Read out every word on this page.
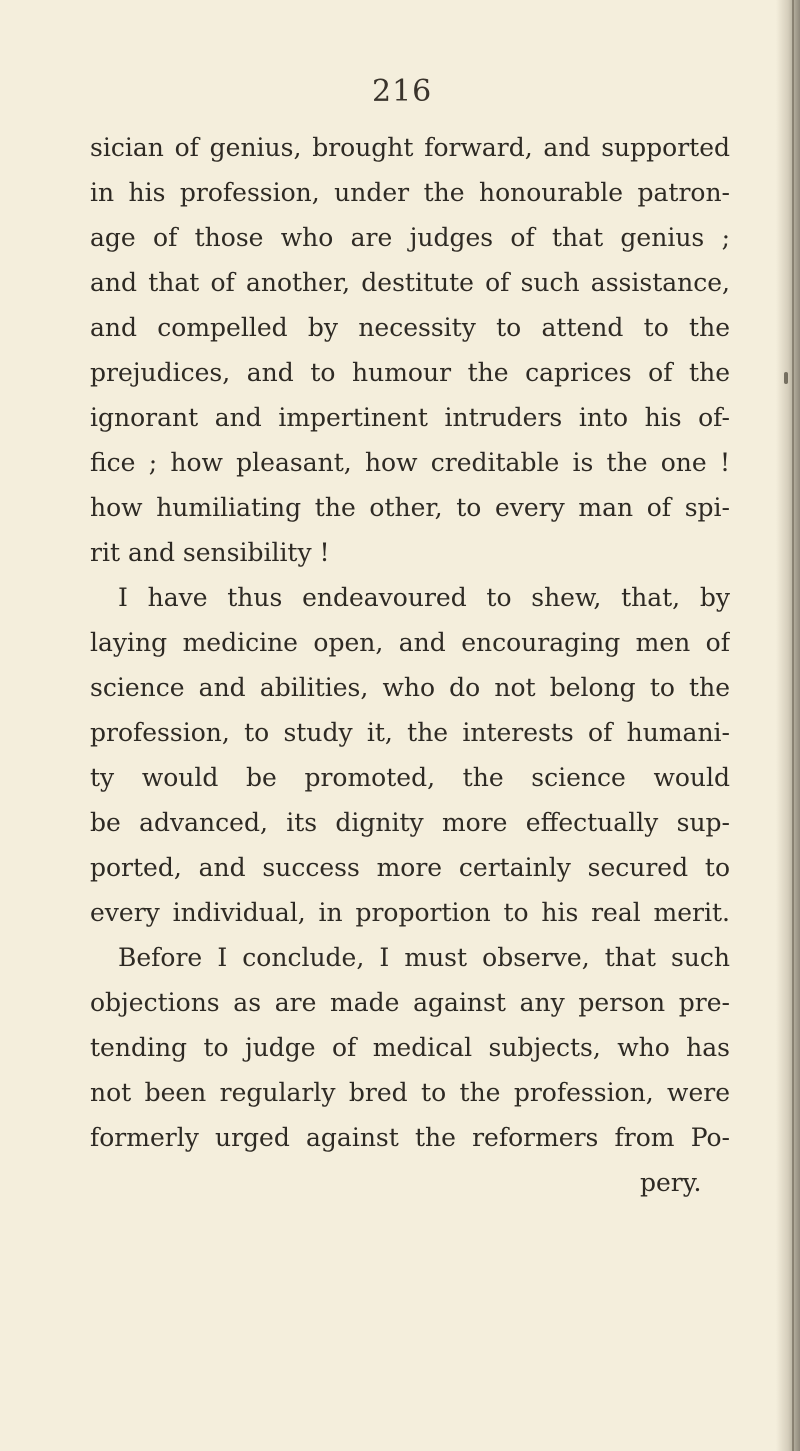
216
sician of genius, brought forward, and supported
in his profession, under the honourable patron-
age of those who are judges of that genius ;
and that of another, destitute of such assistance,
and compelled by necessity to attend to the
prejudices, and to humour the caprices of the
ignorant and impertinent intruders into his of-
fice ; how pleasant, how creditable is the one !
how humiliating the other, to every man of spi-
rit and sensibility !
I have thus endeavoured to shew, that, by
laying medicine open, and encouraging men of
science and abilities, who do not belong to the
profession, to study it, the interests of humani-
ty would be promoted, the science would
be advanced, its dignity more effectually sup-
ported, and success more certainly secured to
every individual, in proportion to his real merit.
Before I conclude, I must observe, that such
objections as are made against any person pre-
tending to judge of medical subjects, who has
not been regularly bred to the profession, were
formerly urged against the reformers from Po-
pery.
